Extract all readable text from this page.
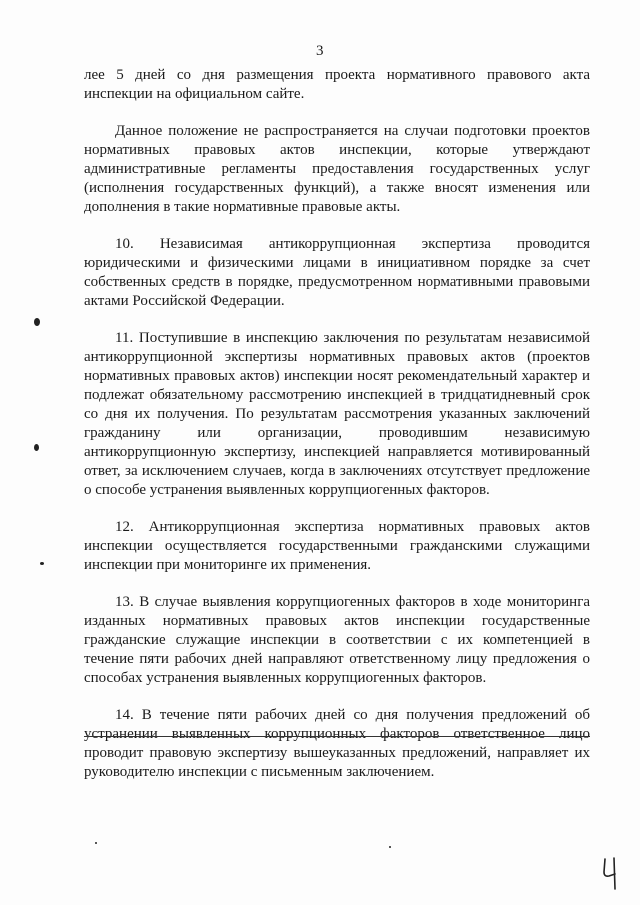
3

лее 5 дней со дня размещения проекта нормативного правового акта инспекции на официальном сайте.

Данное положение не распространяется на случаи подготовки проектов нормативных правовых актов инспекции, которые утверждают административные регламенты предоставления государственных услуг (исполнения государственных функций), а также вносят изменения или дополнения в такие нормативные правовые акты.

10. Независимая антикоррупционная экспертиза проводится юридическими и физическими лицами в инициативном порядке за счет собственных средств в порядке, предусмотренном нормативными правовыми актами Российской Федерации.

11. Поступившие в инспекцию заключения по результатам независимой антикоррупционной экспертизы нормативных правовых актов (проектов нормативных правовых актов) инспекции носят рекомендательный характер и подлежат обязательному рассмотрению инспекцией в тридцатидневный срок со дня их получения. По результатам рассмотрения указанных заключений гражданину или организации, проводившим независимую антикоррупционную экспертизу, инспекцией направляется мотивированный ответ, за исключением случаев, когда в заключениях отсутствует предложение о способе устранения выявленных коррупциогенных факторов.

12. Антикоррупционная экспертиза нормативных правовых актов инспекции осуществляется государственными гражданскими служащими инспекции при мониторинге их применения.

13. В случае выявления коррупциогенных факторов в ходе мониторинга изданных нормативных правовых актов инспекции государственные гражданские служащие инспекции в соответствии с их компетенцией в течение пяти рабочих дней направляют ответственному лицу предложения о способах устранения выявленных коррупциогенных факторов.

14. В течение пяти рабочих дней со дня получения предложений об устранении выявленных коррупционных факторов ответственное лицо проводит правовую экспертизу вышеуказанных предложений, направляет их руководителю инспекции с письменным заключением.
